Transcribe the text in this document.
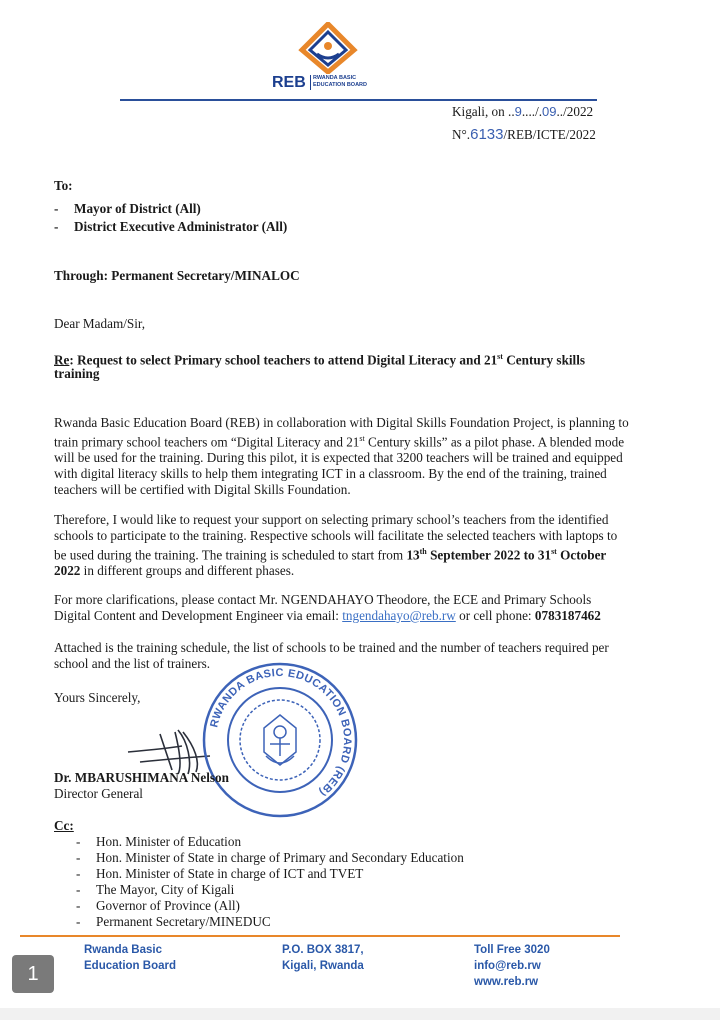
REB RWANDA BASIC
EDUCATION BOARD
Kigali, on ..9..../.09../2022
N°.6133/REB/ICTE/2022
To:
- Mayor of District (All)
- District Executive Administrator (All)
Through: Permanent Secretary/MINALOC
Dear Madam/Sir,
Re: Request to select Primary school teachers to attend Digital Literacy and 21st Century skills
training

Rwanda Basic Education Board (REB) in collaboration with Digital Skills Foundation Project, is planning to

train primary school teachers om “Digital Literacy and 21st Century skills” as a pilot phase. A blended mode

will be used for the training. During this pilot, it is expected that 3200 teachers will be trained and equipped

with digital literacy skills to help them integrating ICT in a classroom. By the end of the training, trained

teachers will be certified with Digital Skills Foundation.

Therefore, I would like to request your support on selecting primary school’s teachers from the identified

schools to participate to the training. Respective schools will facilitate the selected teachers with laptops to

be used during the training. The training is scheduled to start from 13th September 2022 to 31st October

2022 in different groups and different phases.

For more clarifications, please contact Mr. NGENDAHAYO Theodore, the ECE and Primary Schools

Digital Content and Development Engineer via email: tngendahayo@reb.rw or cell phone: 0783187462

Attached is the training schedule, the list of schools to be trained and the number of teachers required per

school and the list of trainers.

Yours Sincerely,
RWANDA BASIC EDUCATION BOARD (REB)
Dr. MBARUSHIMANA Nelson
Director General
Cc:

- Hon. Minister of Education

- Hon. Minister of State in charge of Primary and Secondary Education

- Hon. Minister of State in charge of ICT and TVET

- The Mayor, City of Kigali

- Governor of Province (All)

- Permanent Secretary/MINEDUC

Rwanda Basic

Education Board

P.O. BOX 3817,

Kigali, Rwanda

Toll Free 3020

info@reb.rw

www.reb.rw

1
